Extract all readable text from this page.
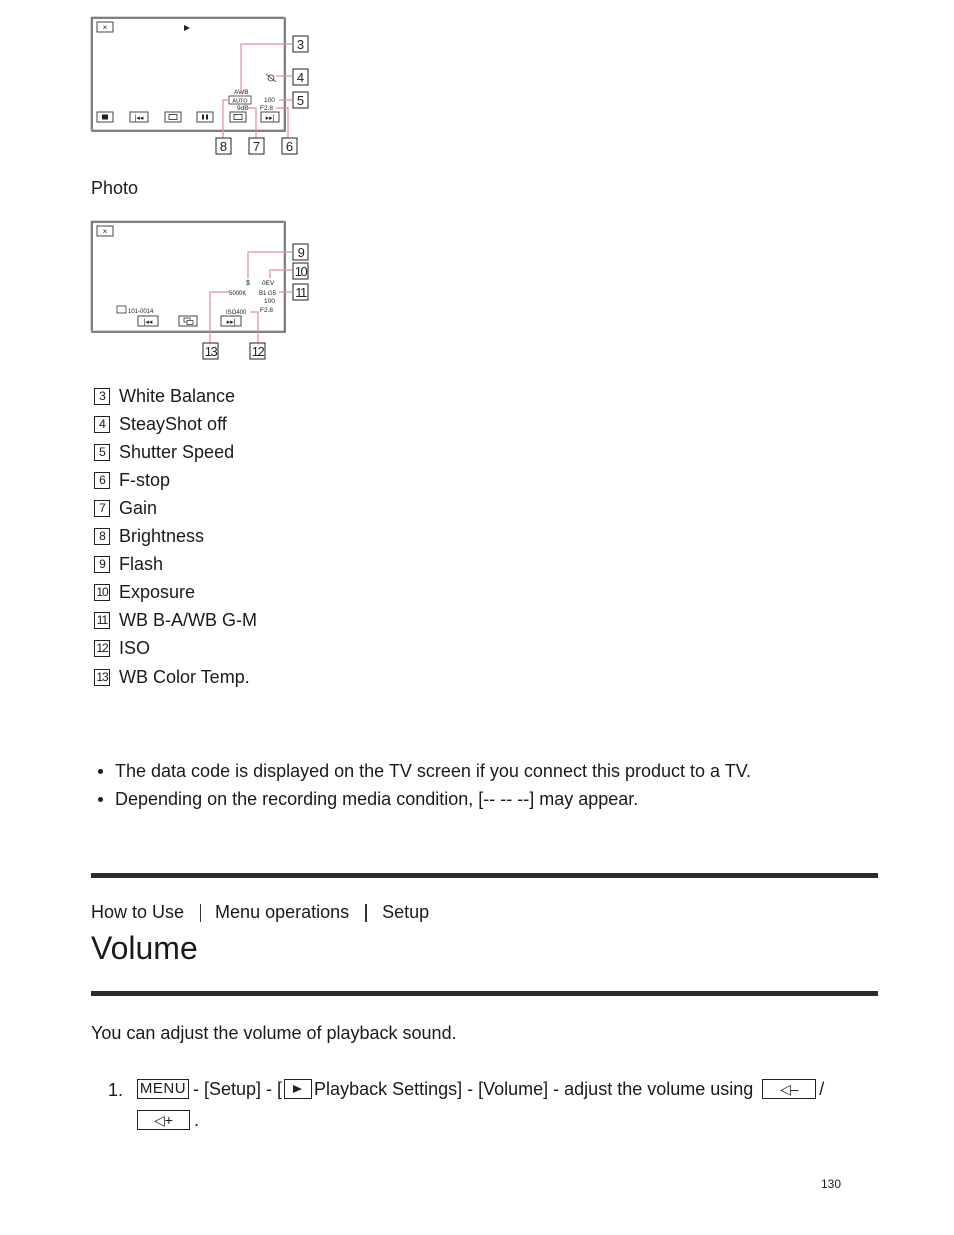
×
AWB
AUTO
9dB
100
F2.8
|◂◂	▸▸|
3
4
5
8 7 6
Photo
×
$ 0EV
B1 G5
100
F2.8
5000K
ISO400
101-0014
|◂◂	▸▸|
9
10
11
13	12
3 White Balance
4 SteayShot off
5 Shutter Speed
6 F-stop
7 Gain
8 Brightness
9 Flash
10 Exposure
11 WB B-A/WB G-M
12 ISO
13 WB Color Temp.
The data code is displayed on the TV screen if you connect this product to a TV.
Depending on the recording media condition, [-- -- --] may appear.
How to Use Menu operations Setup
Volume
You can adjust the volume of playback sound.
1. MENU - [Setup] - [ Playback Settings] - [Volume] - adjust the volume using	◁–	/
◁+	.
130
